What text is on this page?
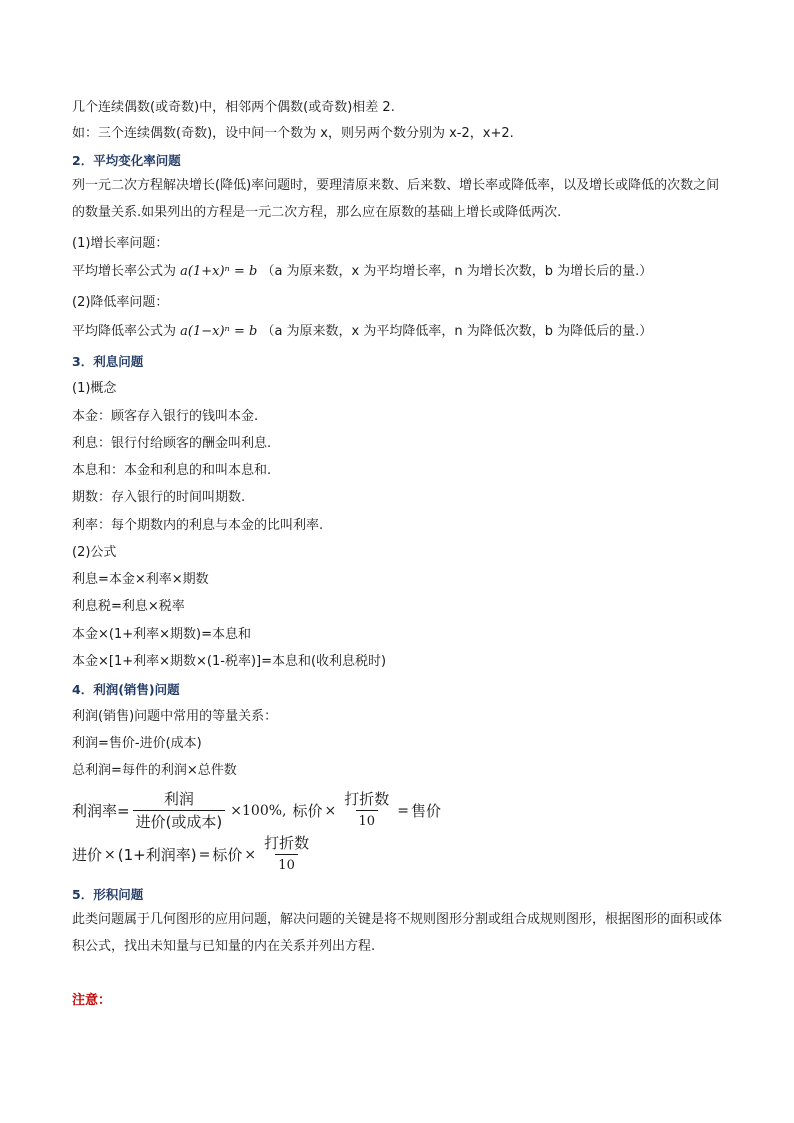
几个连续偶数(或奇数)中，相邻两个偶数(或奇数)相差 2.
如：三个连续偶数(奇数)，设中间一个数为 x，则另两个数分别为 x-2，x+2.
2．平均变化率问题
列一元二次方程解决增长(降低)率问题时，要理清原来数、后来数、增长率或降低率，以及增长或降低的次数之间的数量关系.如果列出的方程是一元二次方程，那么应在原数的基础上增长或降低两次.
(1)增长率问题：
平均增长率公式为 a(1+x)ⁿ = b （a 为原来数，x 为平均增长率，n 为增长次数，b 为增长后的量.）
(2)降低率问题：
平均降低率公式为 a(1−x)ⁿ = b （a 为原来数，x 为平均降低率，n 为降低次数，b 为降低后的量.）
3．利息问题
(1)概念
本金：顾客存入银行的钱叫本金.
利息：银行付给顾客的酬金叫利息.
本息和：本金和利息的和叫本息和.
期数：存入银行的时间叫期数.
利率：每个期数内的利息与本金的比叫利率.
(2)公式
利息=本金×利率×期数
利息税=利息×税率
本金×(1+利率×期数)=本息和
本金×[1+利率×期数×(1-税率)]=本息和(收利息税时)
4．利润(销售)问题
利润(销售)问题中常用的等量关系：
利润=售价-进价(成本)
总利润=每件的利润×总件数
利润率= $\frac{\text{利润}}{\text{进价(或成本)}} \times 100\%$, 标价 × $\frac{\text{打折数}}{10}$ = 售价
进价 × (1+利润率) = 标价 × $\frac{\text{打折数}}{10}$
5．形积问题
此类问题属于几何图形的应用问题，解决问题的关键是将不规则图形分割或组合成规则图形，根据图形的面积或体积公式，找出未知量与已知量的内在关系并列出方程.
注意：
